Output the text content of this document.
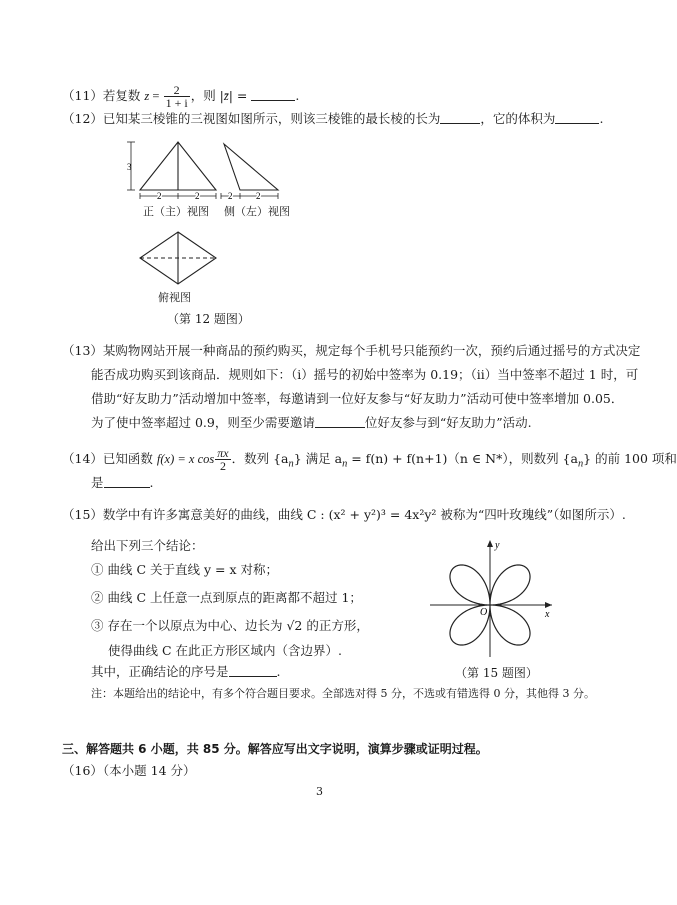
（11）若复数 $z = \frac{2}{1 + i}$ ，则 |z̄| =	.
（12）已知某三棱锥的三视图如图所示，则该三棱锥的最长棱的长为	，它的体积为	.
3
2	2	2	2
正（主）视图 侧（左）视图
俯视图
（第 12 题图）
（13）某购物网站开展一种商品的预约购买，规定每个手机号只能预约一次，预约后通过摇号的方式决定
能否成功购买到该商品．规则如下：（ⅰ）摇号的初始中签率为 0.19；（ⅱ）当中签率不超过 1 时，可
借助“好友助力”活动增加中签率，每邀请到一位好友参与“好友助力”活动可使中签率增加 0.05．
为了使中签率超过 0.9，则至少需要邀请	位好友参与到“好友助力”活动.
（14）已知函数 f(x) = x $\cos \frac{\pi x}{2}$ ．数列 $\{a_n\}$ 满足 $a_n = f(n) + f(n+1)(n$ ∈ N*），则数列 $\{a_n\}$ 的前 100 项和
是	.
（15）数学中有许多寓意美好的曲线，曲线 C : (x² + y²)³ = 4x²y² 被称为“四叶玫瑰线”（如图所示）.
给出下列三个结论：
① 曲线 C 关于直线 y = x 对称；
② 曲线 C 上任意一点到原点的距离都不超过 1；
③ 存在一个以原点为中心、边长为 √2 的正方形，
使得曲线 C 在此正方形区域内（含边界）.
其中，正确结论的序号是	.
注：本题给出的结论中，有多个符合题目要求。全部选对得 5 分，不选或有错选得 0 分，其他得 3 分。
x
y
O
（第 15 题图）
三、解答题共 6 小题，共 85 分。解答应写出文字说明，演算步骤或证明过程。
（16）（本小题 14 分）
3
